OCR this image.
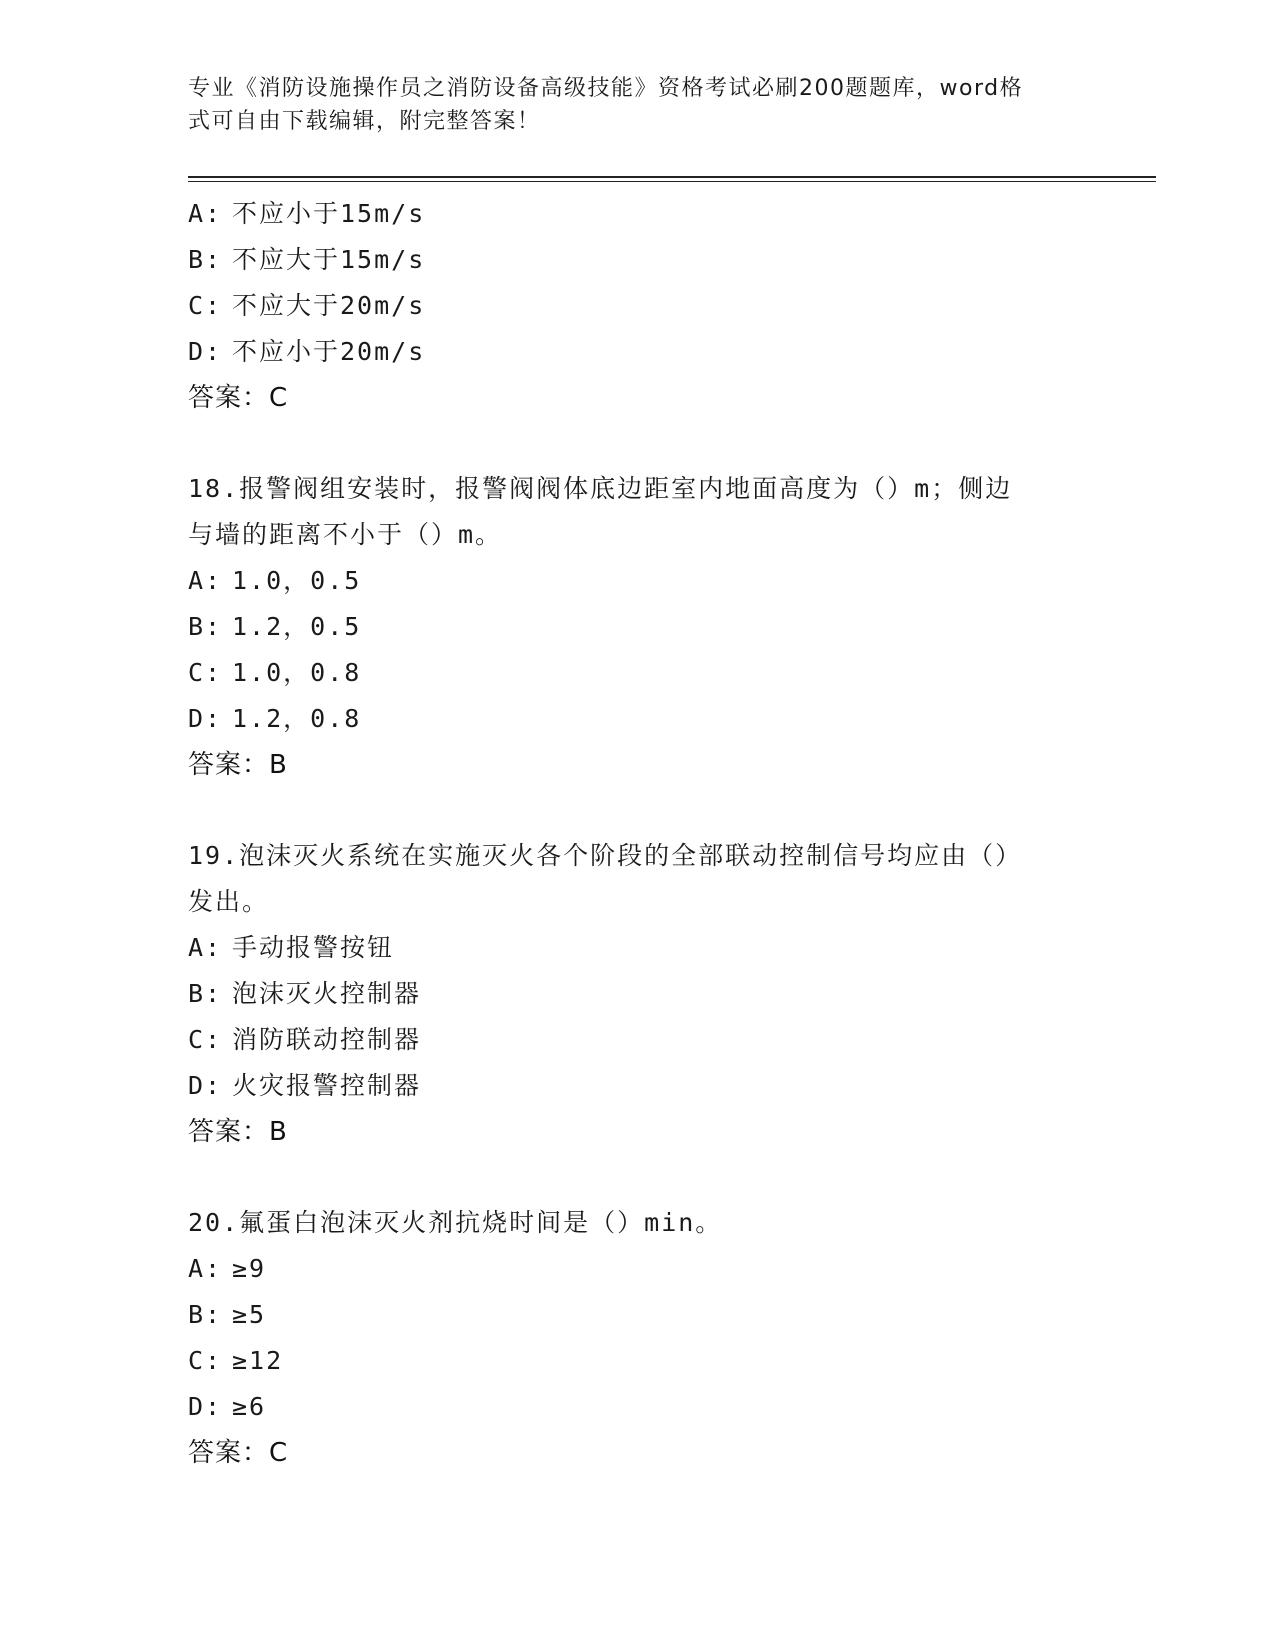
专业《消防设施操作员之消防设备高级技能》资格考试必刷200题题库，word格
式可自由下载编辑，附完整答案！
A: 不应小于15m/s
B: 不应大于15m/s
C: 不应大于20m/s
D: 不应小于20m/s
答案：C
18.报警阀组安装时，报警阀阀体底边距室内地面高度为（）m；侧边
与墙的距离不小于（）m。
A: 1.0，0.5
B: 1.2，0.5
C: 1.0，0.8
D: 1.2，0.8
答案：B
19.泡沫灭火系统在实施灭火各个阶段的全部联动控制信号均应由（）
发出。
A: 手动报警按钮
B: 泡沫灭火控制器
C: 消防联动控制器
D: 火灾报警控制器
答案：B
20.氟蛋白泡沫灭火剂抗烧时间是（）min。
A: ≥9
B: ≥5
C: ≥12
D: ≥6
答案：C
